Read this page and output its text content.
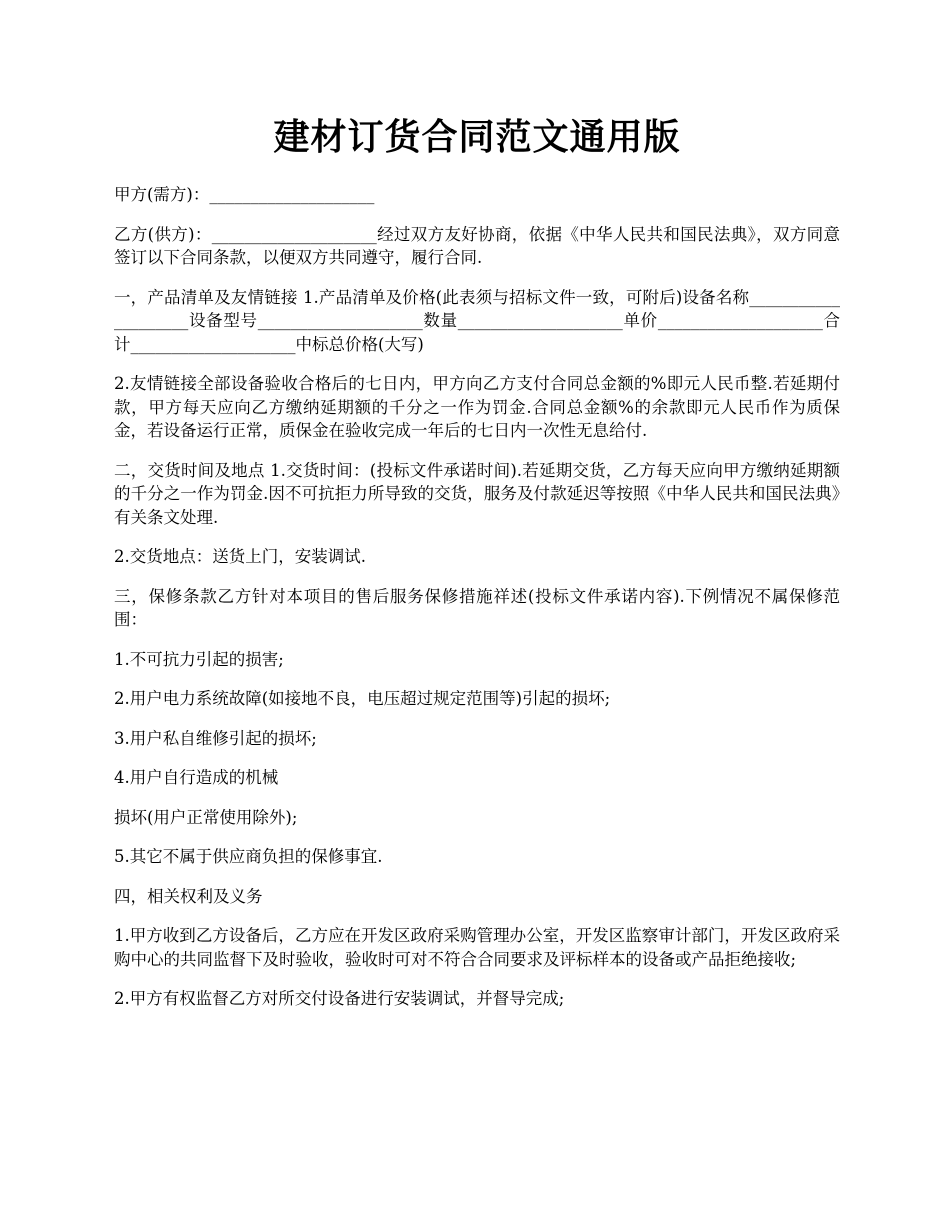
建材订货合同范文通用版

甲方(需方)：____________________

乙方(供方)：____________________经过双方友好协商，依据《中华人民共和国民法典》，双方同意签订以下合同条款，以便双方共同遵守，履行合同.

一，产品清单及友情链接 1.产品清单及价格(此表须与招标文件一致，可附后)设备名称____________________设备型号____________________数量____________________单价____________________合计____________________中标总价格(大写)

2.友情链接全部设备验收合格后的七日内，甲方向乙方支付合同总金额的%即元人民币整.若延期付款，甲方每天应向乙方缴纳延期额的千分之一作为罚金.合同总金额%的余款即元人民币作为质保金，若设备运行正常，质保金在验收完成一年后的七日内一次性无息给付.

二，交货时间及地点 1.交货时间：(投标文件承诺时间).若延期交货，乙方每天应向甲方缴纳延期额的千分之一作为罚金.因不可抗拒力所导致的交货，服务及付款延迟等按照《中华人民共和国民法典》有关条文处理.

2.交货地点：送货上门，安装调试.

三，保修条款乙方针对本项目的售后服务保修措施祥述(投标文件承诺内容).下例情况不属保修范围：

1.不可抗力引起的损害;

2.用户电力系统故障(如接地不良，电压超过规定范围等)引起的损坏;

3.用户私自维修引起的损坏;

4.用户自行造成的机械

损坏(用户正常使用除外);

5.其它不属于供应商负担的保修事宜.

四，相关权利及义务

1.甲方收到乙方设备后，乙方应在开发区政府采购管理办公室，开发区监察审计部门，开发区政府采购中心的共同监督下及时验收，验收时可对不符合合同要求及评标样本的设备或产品拒绝接收;

2.甲方有权监督乙方对所交付设备进行安装调试，并督导完成;
